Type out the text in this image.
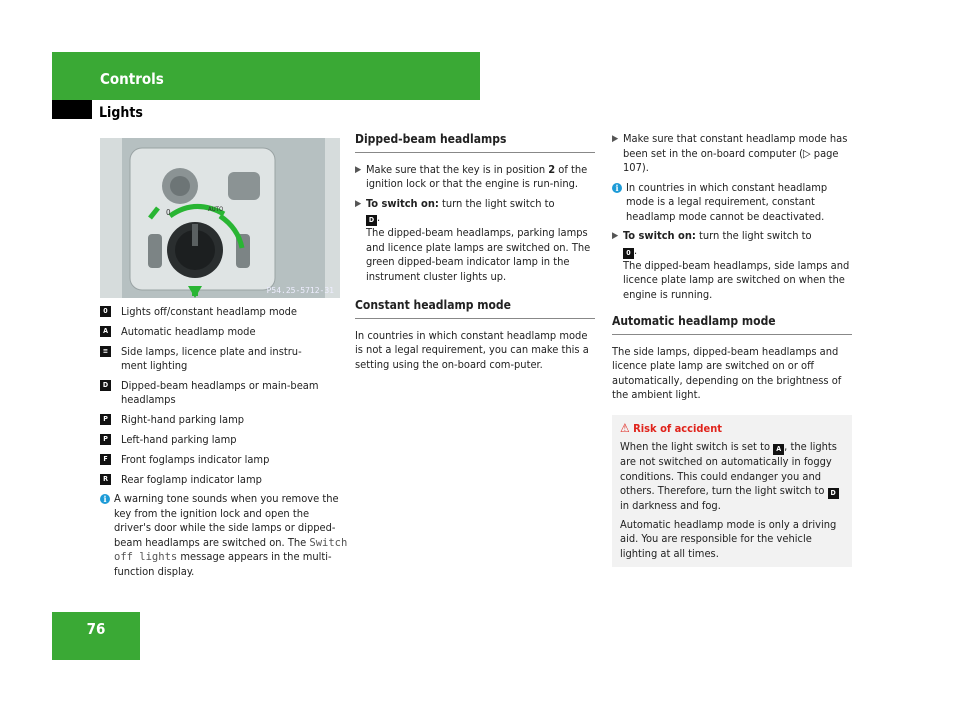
Controls
Lights
0	AUTO
P54.25-5712-31
0	Lights off/constant headlamp mode
A Automatic headlamp mode
≡ Side lamps, licence plate and instru-
ment lighting
D Dipped-beam headlamps or main-beam
headlamps
P Right-hand parking lamp
P Left-hand parking lamp
F	Front foglamps indicator lamp
R Rear foglamp indicator lamp
i A warning tone sounds when you remove the key from the ignition lock and open the driver's door while the side lamps or dipped-beam headlamps are switched on. The Switch off lights message appears in the multi-function display.

Dipped-beam headlamps
▶ Make sure that the key is in position 2 of the ignition lock or that the engine is run-ning.

▶ To switch on: turn the light switch to
D .
The dipped-beam headlamps, parking lamps and licence plate lamps are switched on. The green dipped-beam indicator lamp in the instrument cluster lights up.

Constant headlamp mode

In countries in which constant headlamp mode is not a legal requirement, you can make this a setting using the on-board com-puter.

▶ Make sure that constant headlamp mode has been set in the on-board computer (▷ page 107).

i In countries in which constant headlamp mode is a legal requirement, constant headlamp mode cannot be deactivated.

▶ To switch on: turn the light switch to
0 .
The dipped-beam headlamps, side lamps and licence plate lamp are switched on when the engine is running.

Automatic headlamp mode

The side lamps, dipped-beam headlamps and licence plate lamp are switched on or off automatically, depending on the brightness of the ambient light.

⚠ Risk of accident

When the light switch is set to A , the lights are not switched on automatically in foggy conditions. This could endanger you and others. Therefore, turn the light switch to D in darkness and fog.

Automatic headlamp mode is only a driving aid. You are responsible for the vehicle lighting at all times.

76
